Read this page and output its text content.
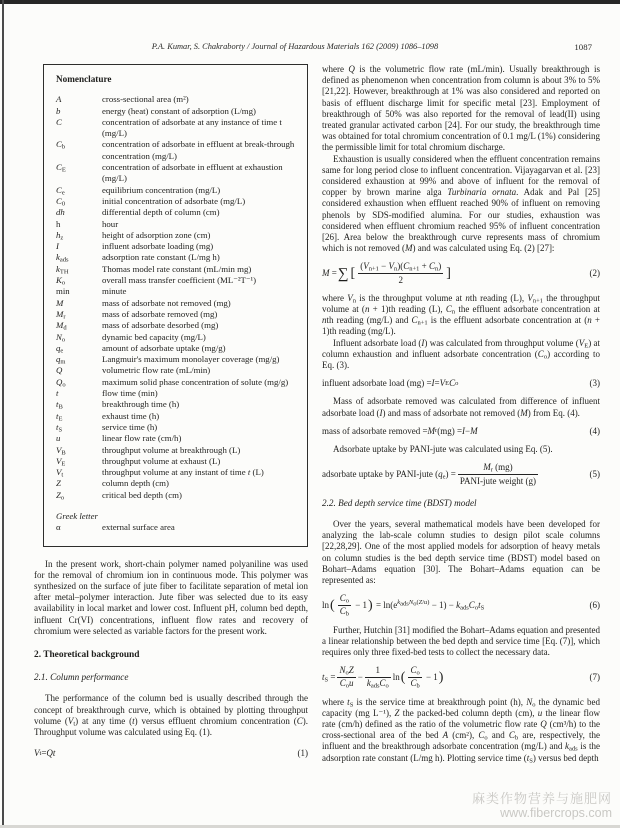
P.A. Kumar, S. Chakraborty / Journal of Hazardous Materials 162 (2009) 1086–1098	1087
Nomenclature
A	cross-sectional area (m²)
b	energy (heat) constant of adsorption (L/mg)
C	concentration of adsorbate at any instance of time t (mg/L)
$C_b$	concentration of adsorbate in effluent at break-through concentration (mg/L)
$C_E$	concentration of adsorbate in effluent at exhaustion (mg/L)
$C_e$	equilibrium concentration (mg/L)
$C_0$	initial concentration of adsorbate (mg/L)
dh	differential depth of column (cm)
h	hour
$h_z$	height of adsorption zone (cm)
I	influent adsorbate loading (mg)
$k_{ads}$	adsorption rate constant (L/mg h)
$k_{TH}$	Thomas model rate constant (mL/min mg)
$K_o$	overall mass transfer coefficient (ML⁻²T⁻¹)
min	minute
M	mass of adsorbate not removed (mg)
$M_r$	mass of adsorbate removed (mg)
$M_d$	mass of adsorbate desorbed (mg)
$N_o$	dynamic bed capacity (mg/L)
$q_e$	amount of adsorbate uptake (mg/g)
$q_m$	Langmuir's maximum monolayer coverage (mg/g)
Q	volumetric flow rate (mL/min)
$Q_o$	maximum solid phase concentration of solute (mg/g)
t	flow time (min)
$t_B$	breakthrough time (h)
$t_E$	exhaust time (h)
$t_S$	service time (h)
u	linear flow rate (cm/h)
$V_B$	throughput volume at breakthrough (L)
$V_E$	throughput volume at exhaust (L)
$V_t$	throughput volume at any instant of time t (L)
Z	column depth (cm)
$Z_o$	critical bed depth (cm)
Greek letter
α	external surface area

In the present work, short-chain polymer named polyaniline was used for the removal of chromium ion in continuous mode. This polymer was synthesized on the surface of jute fiber to facilitate separation of metal ion after metal–polymer interaction. Jute fiber was selected due to its easy availability in local market and lower cost. Influent pH, column bed depth, influent Cr(VI) concentrations, influent flow rates and recovery of chromium were selected as variable factors for the present work.

2. Theoretical background
2.1. Column performance

The performance of the column bed is usually described through the concept of breakthrough curve, which is obtained by plotting throughput volume $(V_t)$ at any time (t) versus effluent chromium concentration (C). Throughput volume was calculated using Eq. (1).

V t = Qt	(1)

where Q is the volumetric flow rate (mL/min). Usually breakthrough is defined as phenomenon when concentration from column is about 3% to 5% [21,22]. However, breakthrough at 1% was also considered and reported on basis of effluent discharge limit for specific metal [23]. Employment of breakthrough of 50% was also reported for the removal of lead(II) using treated granular activated carbon [24]. For our study, the breakthrough time was obtained for total chromium concentration of 0.1 mg/L (1%) considering the permissible limit for total chromium discharge.

Exhaustion is usually considered when the effluent concentration remains same for long period close to influent concentration. Vijayagarvan et al. [23] considered exhaustion at 99% and above of influent for the removal of copper by brown marine alga Turbinaria ornata. Adak and Pal [25] considered exhaustion when effluent reached 90% of influent on removing phenols by SDS-modified alumina. For our studies, exhaustion was considered when effluent chromium reached 95% of influent concentration [26]. Area below the breakthrough curve represents mass of chromium which is not removed (M) and was calculated using Eq. (2) [27]:

M = ∑ [ $\frac{(V_{n+1} - V_n)(C_{n+1} + C_n)}{2}$ ]	(2)

where $V_n$ is the throughput volume at nth reading (L), $V_{n+1}$ the throughput volume at (n + 1)th reading (L), $C_n$ the effluent adsorbate concentration at nth reading (mg/L) and $C_{n+1}$ is the effluent adsorbate concentration at (n + 1)th reading (mg/L).

Influent adsorbate load (I) was calculated from throughput volume $(V_E)$ at column exhaustion and influent adsorbate concentration $(C_o)$ according to Eq. (3).

influent adsorbate load (mg) = I = V E C o	(3)

Mass of adsorbate removed was calculated from difference of influent adsorbate load (I) and mass of adsorbate not removed (M) from Eq. (4).

mass of adsorbate removed = M r (mg) = I − M	(4)

Adsorbate uptake by PANI-jute was calculated using Eq. (5).

adsorbate uptake by PANI-jute $(q_e) = \frac{M_r (mg)}{\text{PANI-jute weight (g)}}$	(5)
2.2. Bed depth service time (BDST) model

Over the years, several mathematical models have been developed for analyzing the lab-scale column studies to design pilot scale columns [22,28,29]. One of the most applied models for adsorption of heavy metals on column studies is the bed depth service time (BDST) model based on Bohart–Adams equation [30]. The Bohart–Adams equation can be represented as:

ln ( $\frac{C_o}{C_b} - 1$ ) = $\ln(e^{k_{ads}N_o(Z/u)} - 1) - k_{ads}C_ot_S$	(6)

Further, Hutchin [31] modified the Bohart–Adams equation and presented a linear relationship between the bed depth and service time [Eq. (7)], which requires only three fixed-bed tests to collect the necessary data.

$t_S = \frac{N_oZ}{C_ou} - \frac{1}{k_{ads}C_o}$ ln ( $\frac{C_o}{C_b} - 1$ )	(7)

where $t_S$ is the service time at breakthrough point (h), $N_o$ the dynamic bed capacity (mg L⁻¹), Z the packed-bed column depth (cm), u the linear flow rate (cm/h) defined as the ratio of the volumetric flow rate Q (cm³/h) to the cross-sectional area of the bed A (cm²), $C_o$ and $C_b$ are, respectively, the influent and the breakthrough adsorbate concentration (mg/L) and $k_{ads}$ is the adsorption rate constant (L/mg h). Plotting service time $(t_S)$ versus bed depth

麻类作物营养与施肥网
www.fibercrops.com
